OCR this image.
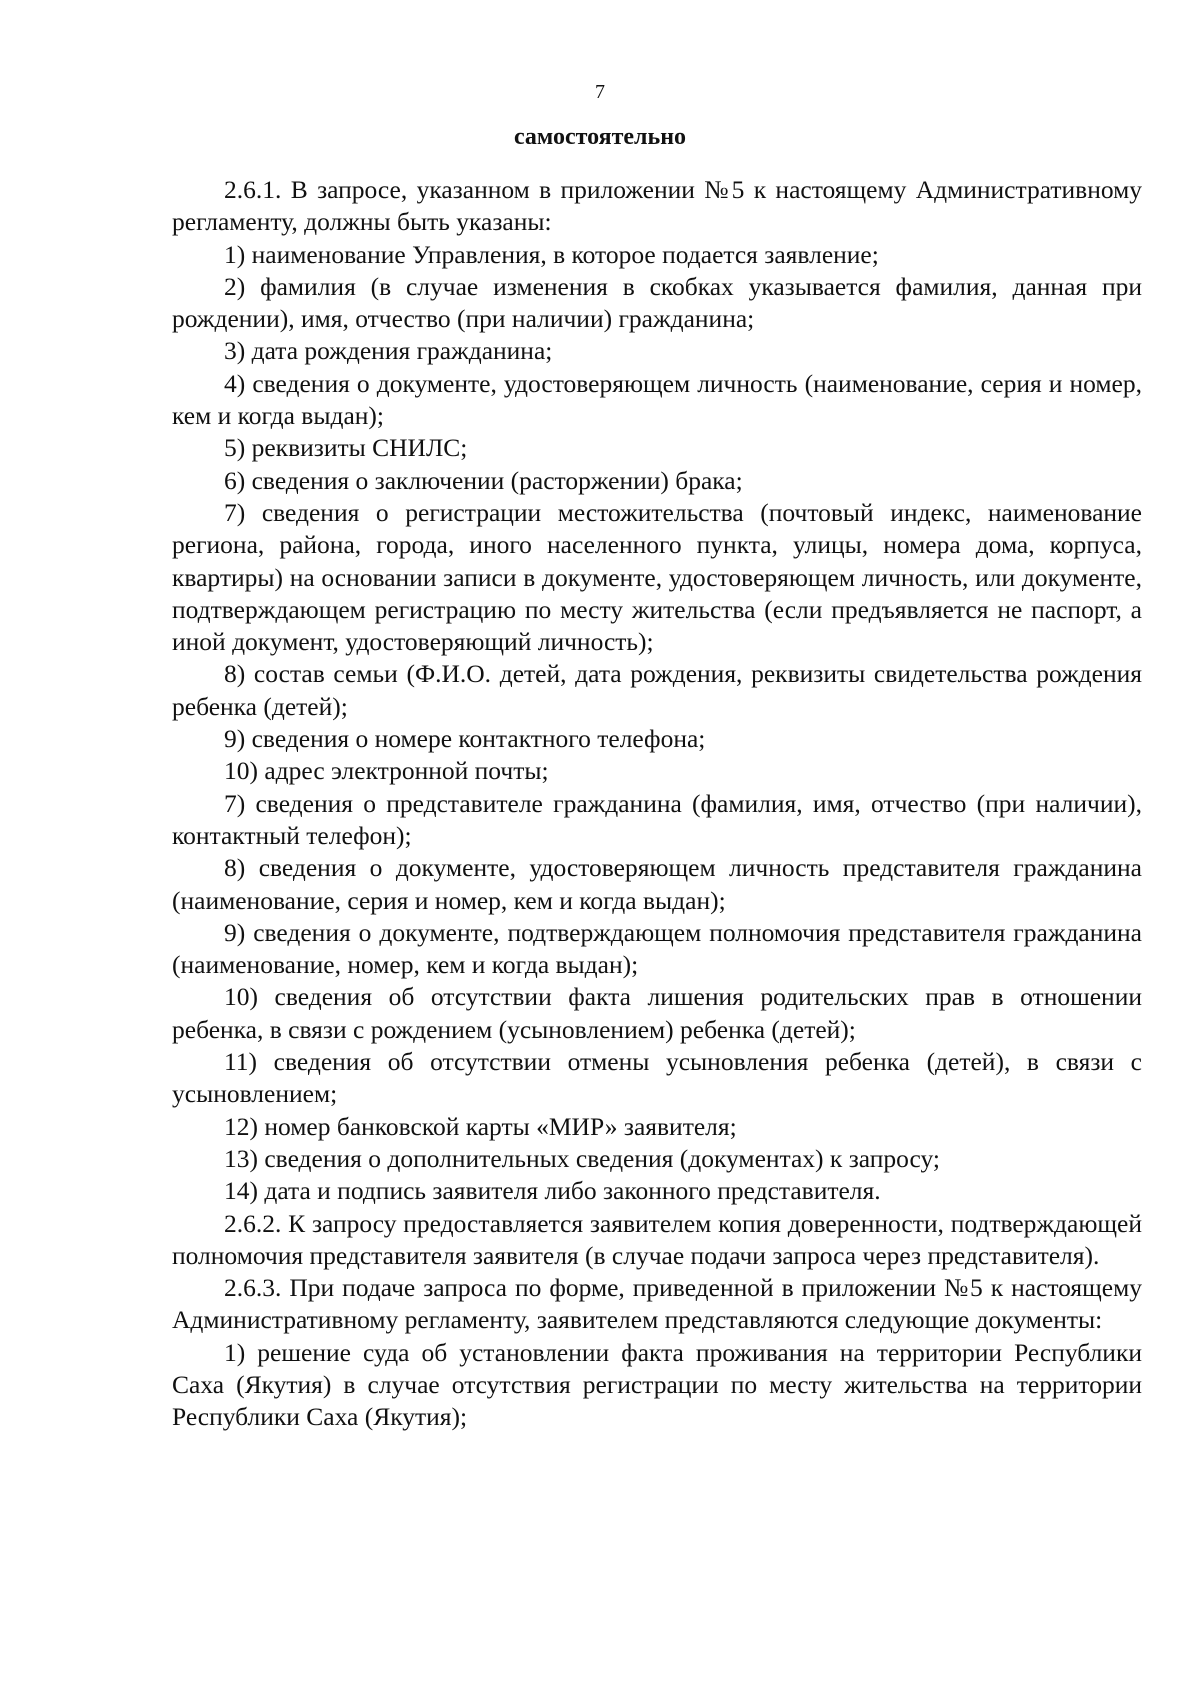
7
самостоятельно

2.6.1. В запросе, указанном в приложении №5 к настоящему Административному регламенту, должны быть указаны:

1) наименование Управления, в которое подается заявление;

2) фамилия (в случае изменения в скобках указывается фамилия, данная при рождении), имя, отчество (при наличии) гражданина;

3) дата рождения гражданина;

4) сведения о документе, удостоверяющем личность (наименование, серия и номер, кем и когда выдан);

5) реквизиты СНИЛС;

6) сведения о заключении (расторжении) брака;

7) сведения о регистрации местожительства (почтовый индекс, наименование региона, района, города, иного населенного пункта, улицы, номера дома, корпуса, квартиры) на основании записи в документе, удостоверяющем личность, или документе, подтверждающем регистрацию по месту жительства (если предъявляется не паспорт, а иной документ, удостоверяющий личность);

8) состав семьи (Ф.И.О. детей, дата рождения, реквизиты свидетельства рождения ребенка (детей);

9) сведения о номере контактного телефона;

10) адрес электронной почты;

7) сведения о представителе гражданина (фамилия, имя, отчество (при наличии), контактный телефон);

8) сведения о документе, удостоверяющем личность представителя гражданина (наименование, серия и номер, кем и когда выдан);

9) сведения о документе, подтверждающем полномочия представителя гражданина (наименование, номер, кем и когда выдан);

10) сведения об отсутствии факта лишения родительских прав в отношении ребенка, в связи с рождением (усыновлением) ребенка (детей);

11) сведения об отсутствии отмены усыновления ребенка (детей), в связи с усыновлением;

12) номер банковской карты «МИР» заявителя;

13) сведения о дополнительных сведения (документах) к запросу;

14) дата и подпись заявителя либо законного представителя.

2.6.2. К запросу предоставляется заявителем копия доверенности, подтверждающей полномочия представителя заявителя (в случае подачи запроса через представителя).

2.6.3. При подаче запроса по форме, приведенной в приложении №5 к настоящему Административному регламенту, заявителем представляются следующие документы:

1) решение суда об установлении факта проживания на территории Республики Саха (Якутия) в случае отсутствия регистрации по месту жительства на территории Республики Саха (Якутия);
